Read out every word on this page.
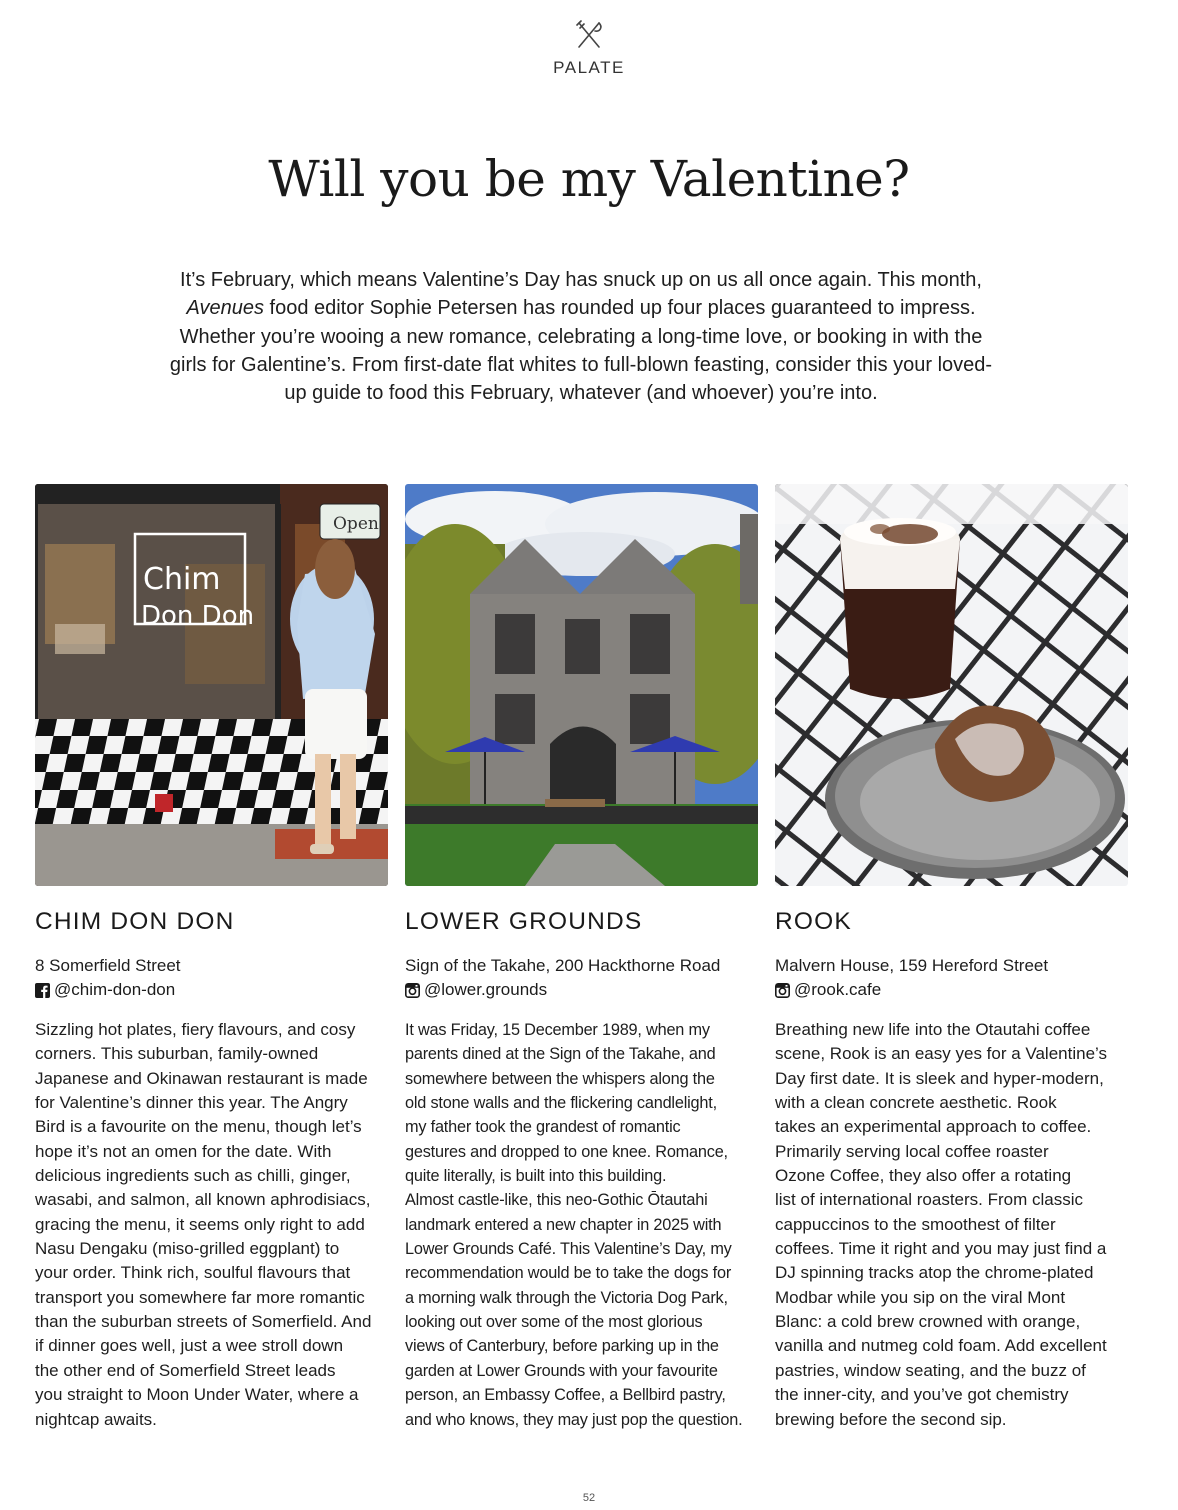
PALATE
Will you be my Valentine?

It’s February, which means Valentine’s Day has snuck up on us all once again. This month, Avenues food editor Sophie Petersen has rounded up four places guaranteed to impress. Whether you’re wooing a new romance, celebrating a long-time love, or booking in with the girls for Galentine’s. From first-date flat whites to full-blown feasting, consider this your loved-up guide to food this February, whatever (and whoever) you’re into.

Chim
Don Don
Open
CHIM DON DON
8 Somerfield Street
@chim-don-don
Sizzling hot plates, fiery flavours, and cosy
corners. This suburban, family-owned
Japanese and Okinawan restaurant is made
for Valentine’s dinner this year. The Angry
Bird is a favourite on the menu, though let’s
hope it’s not an omen for the date. With
delicious ingredients such as chilli, ginger,
wasabi, and salmon, all known aphrodisiacs,
gracing the menu, it seems only right to add
Nasu Dengaku (miso-grilled eggplant) to
your order. Think rich, soulful flavours that
transport you somewhere far more romantic
than the suburban streets of Somerfield. And
if dinner goes well, just a wee stroll down
the other end of Somerfield Street leads
you straight to Moon Under Water, where a
nightcap awaits.
LOWER GROUNDS
Sign of the Takahe, 200 Hackthorne Road
@lower.grounds
It was Friday, 15 December 1989, when my
parents dined at the Sign of the Takahe, and
somewhere between the whispers along the
old stone walls and the flickering candlelight,
my father took the grandest of romantic
gestures and dropped to one knee. Romance,
quite literally, is built into this building.
Almost castle-like, this neo-Gothic Ōtautahi
landmark entered a new chapter in 2025 with
Lower Grounds Café. This Valentine’s Day, my
recommendation would be to take the dogs for
a morning walk through the Victoria Dog Park,
looking out over some of the most glorious
views of Canterbury, before parking up in the
garden at Lower Grounds with your favourite
person, an Embassy Coffee, a Bellbird pastry,
and who knows, they may just pop the question.
ROOK
Malvern House, 159 Hereford Street
@rook.cafe
Breathing new life into the Otautahi coffee
scene, Rook is an easy yes for a Valentine’s
Day first date. It is sleek and hyper-modern,
with a clean concrete aesthetic. Rook
takes an experimental approach to coffee.
Primarily serving local coffee roaster
Ozone Coffee, they also offer a rotating
list of international roasters. From classic
cappuccinos to the smoothest of filter
coffees. Time it right and you may just find a
DJ spinning tracks atop the chrome-plated
Modbar while you sip on the viral Mont
Blanc: a cold brew crowned with orange,
vanilla and nutmeg cold foam. Add excellent
pastries, window seating, and the buzz of
the inner-city, and you’ve got chemistry
brewing before the second sip.
52
